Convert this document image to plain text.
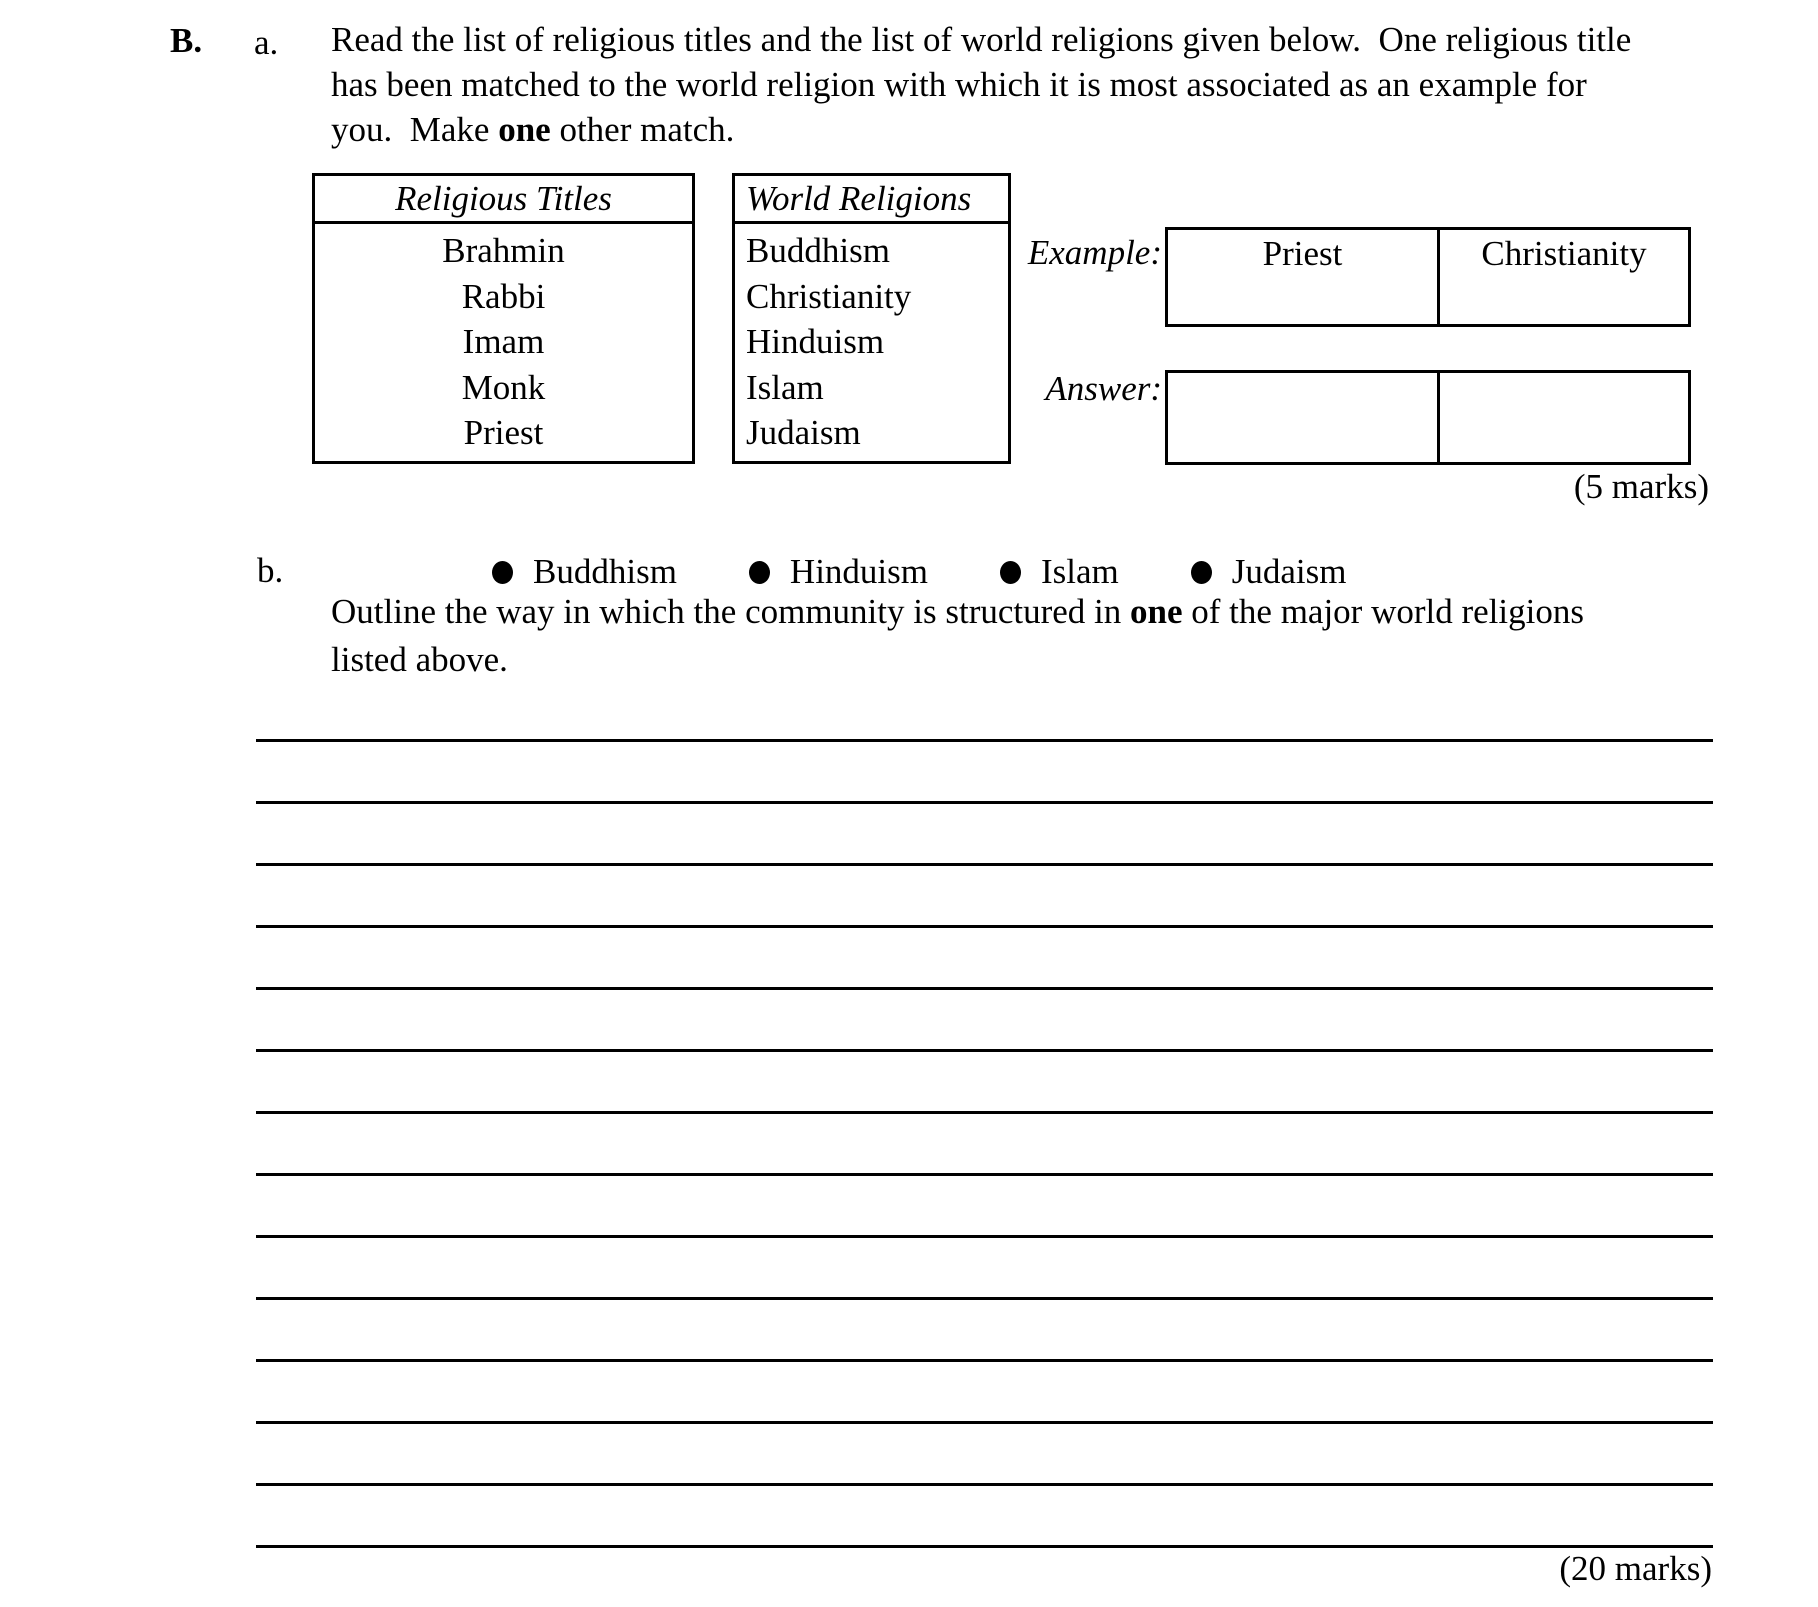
B. a. Read the list of religious titles and the list of world religions given below.  One religious title
has been matched to the world religion with which it is most associated as an example for
you.  Make one other match.
Religious Titles
Brahmin
Rabbi
Imam
Monk
Priest
World Religions
Buddhism
Christianity
Hinduism
Islam
Judaism
Example:	Priest	Christianity
Answer:
(5 marks)
b.	Buddhism	Hinduism	Islam	Judaism
Outline the way in which the community is structured in one of the major world religions
listed above.
(20 marks)
